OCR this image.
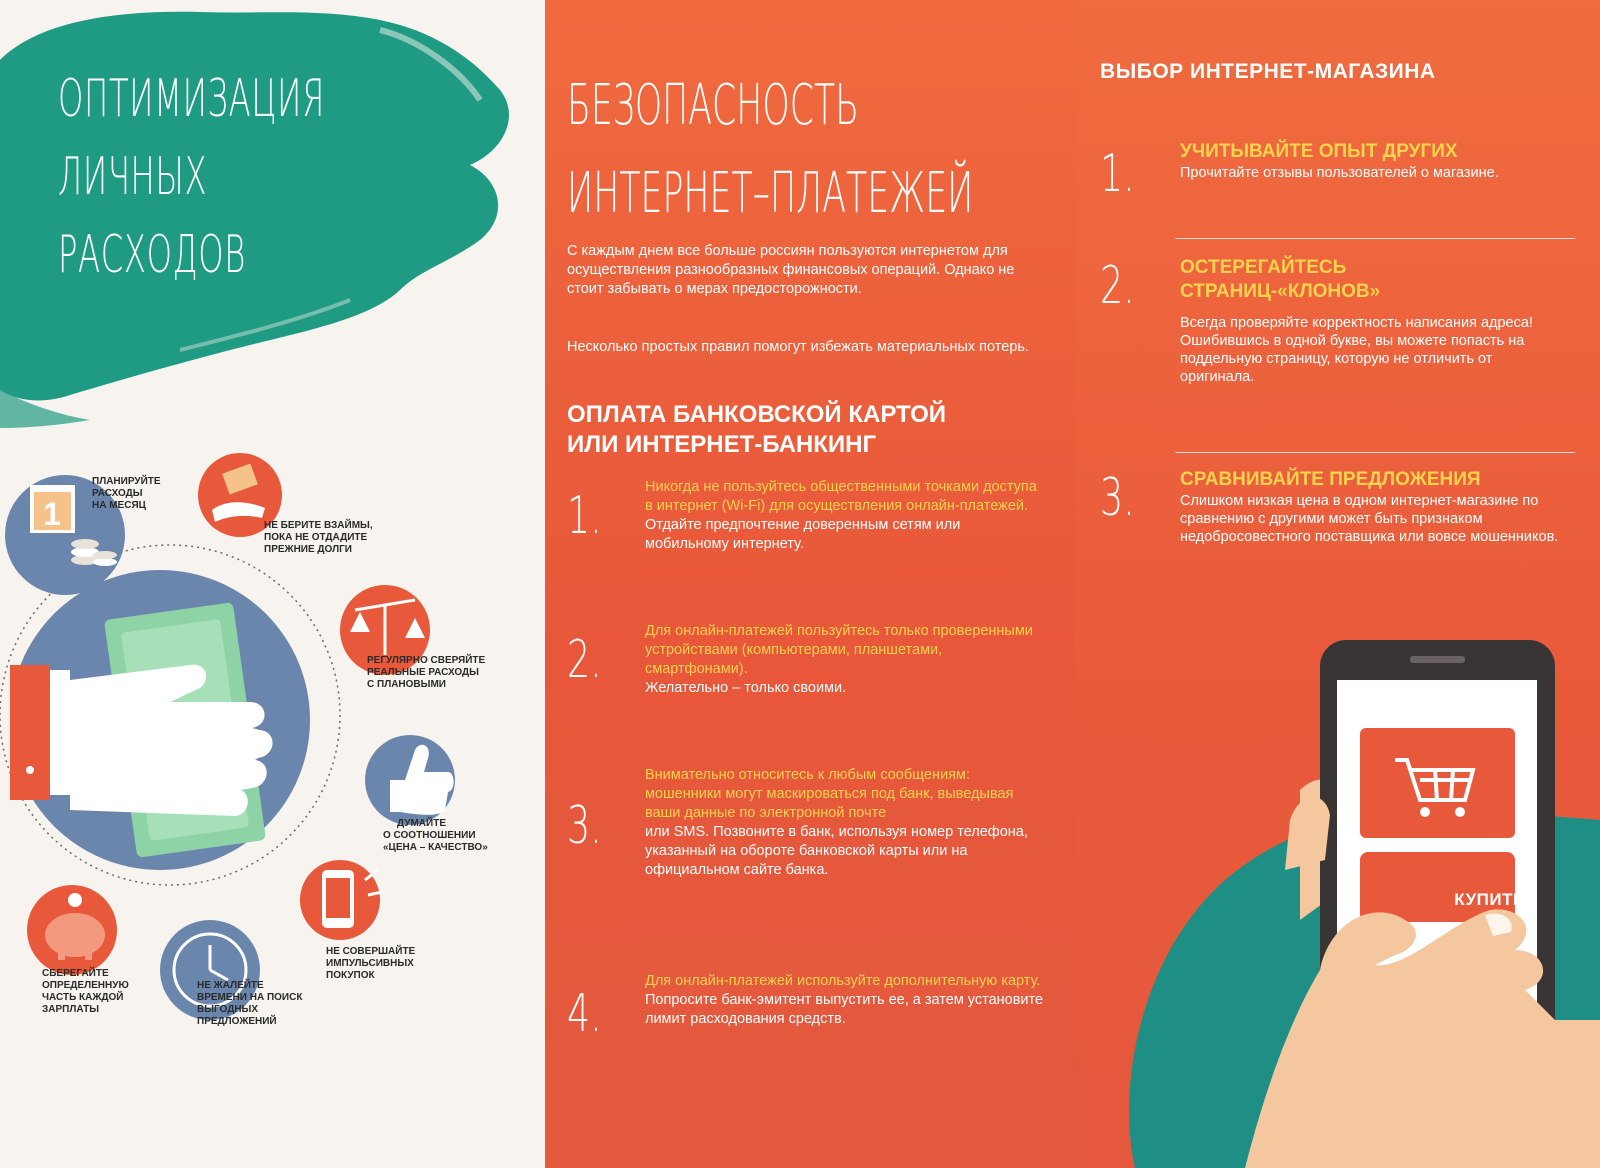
ОПТИМИЗАЦИЯ
ЛИЧНЫХ
РАСХОДОВ
1
ПЛАНИРУЙТЕ
РАСХОДЫ
НА МЕСЯЦ
НЕ БЕРИТЕ ВЗАЙМЫ,
ПОКА НЕ ОТДАДИТЕ
ПРЕЖНИЕ ДОЛГИ
РЕГУЛЯРНО СВЕРЯЙТЕ
РЕАЛЬНЫЕ РАСХОДЫ
С ПЛАНОВЫМИ
ДУМАЙТЕ
О СООТНОШЕНИИ
«ЦЕНА – КАЧЕСТВО»
НЕ СОВЕРШАЙТЕ
ИМПУЛЬСИВНЫХ
ПОКУПОК
НЕ ЖАЛЕЙТЕ
ВРЕМЕНИ НА ПОИСК
ВЫГОДНЫХ
ПРЕДЛОЖЕНИЙ
СБЕРЕГАЙТЕ
ОПРЕДЕЛЕННУЮ
ЧАСТЬ КАЖДОЙ
ЗАРПЛАТЫ
БЕЗОПАСНОСТЬ
ИНТЕРНЕТ–ПЛАТЕЖЕЙ

С каждым днем все больше россиян пользуются интернетом для осуществления разнообразных финансовых операций. Однако не стоит забывать о мерах предосторожности.

Несколько простых правил помогут избежать материальных потерь.

ОПЛАТА БАНКОВСКОЙ КАРТОЙ
ИЛИ ИНТЕРНЕТ-БАНКИНГ
1.	Никогда не пользуйтесь общественными точками доступа в интернет (Wi-Fi) для осуществления онлайн-платежей.
Отдайте предпочтение доверенным сетям или мобильному интернету.
2.	Для онлайн-платежей пользуйтесь только проверенными устройствами (компьютерами, планшетами, смартфонами).
Желательно – только своими.
3.
Внимательно относитесь к любым сообщениям: мошенники могут маскироваться под банк, выведывая ваши данные по электронной почте
или SMS. Позвоните в банк, используя номер телефона, указанный на обороте банковской карты или на официальном сайте банка.
4.
Для онлайн-платежей используйте дополнительную карту.
Попросите банк-эмитент выпустить ее, а затем установите лимит расходования средств.
ВЫБОР ИНТЕРНЕТ-МАГАЗИНА
1.	УЧИТЫВАЙТЕ ОПЫТ ДРУГИХ
Прочитайте отзывы пользователей о магазине.
2.	ОСТЕРЕГАЙТЕСЬ
СТРАНИЦ-«КЛОНОВ»
Всегда проверяйте корректность написания адреса! Ошибившись в одной букве, вы можете попасть на поддельную страницу, которую не отличить от оригинала.
3.	СРАВНИВАЙТЕ ПРЕДЛОЖЕНИЯ
Слишком низкая цена в одном интернет-магазине по сравнению с другими может быть признаком недобросовестного поставщика или вовсе мошенников.
КУПИТЬ
